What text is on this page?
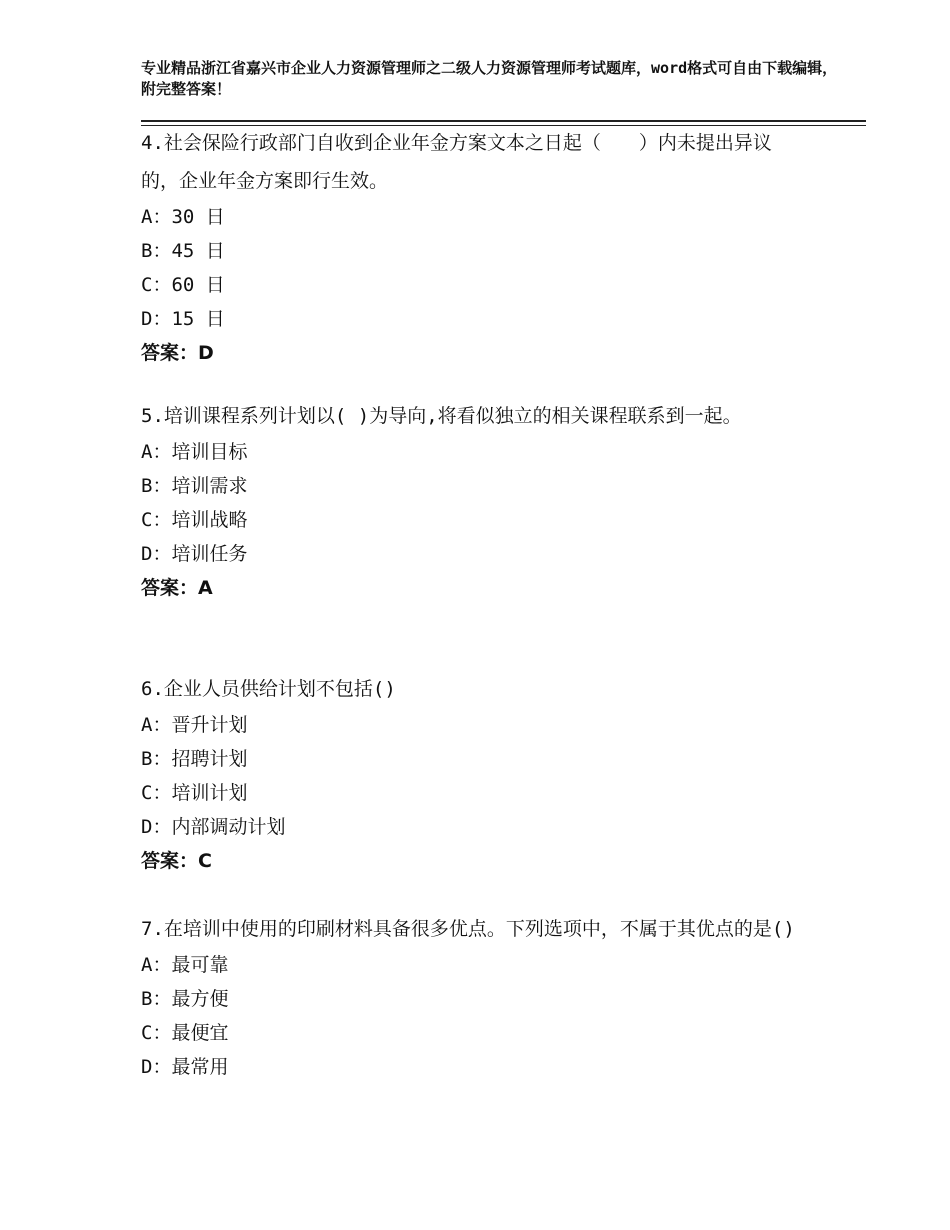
专业精品浙江省嘉兴市企业人力资源管理师之二级人力资源管理师考试题库，word格式可自由下载编辑，附完整答案！

4.社会保险行政部门自收到企业年金方案文本之日起（　　）内未提出异议的，企业年金方案即行生效。

A：30 日

B：45 日

C：60 日

D：15 日

答案：D

5.培训课程系列计划以( )为导向,将看似独立的相关课程联系到一起。

A：培训目标

B：培训需求

C：培训战略

D：培训任务

答案：A

6.企业人员供给计划不包括()

A：晋升计划

B：招聘计划

C：培训计划

D：内部调动计划

答案：C

7.在培训中使用的印刷材料具备很多优点。下列选项中，不属于其优点的是()

A：最可靠

B：最方便

C：最便宜

D：最常用
